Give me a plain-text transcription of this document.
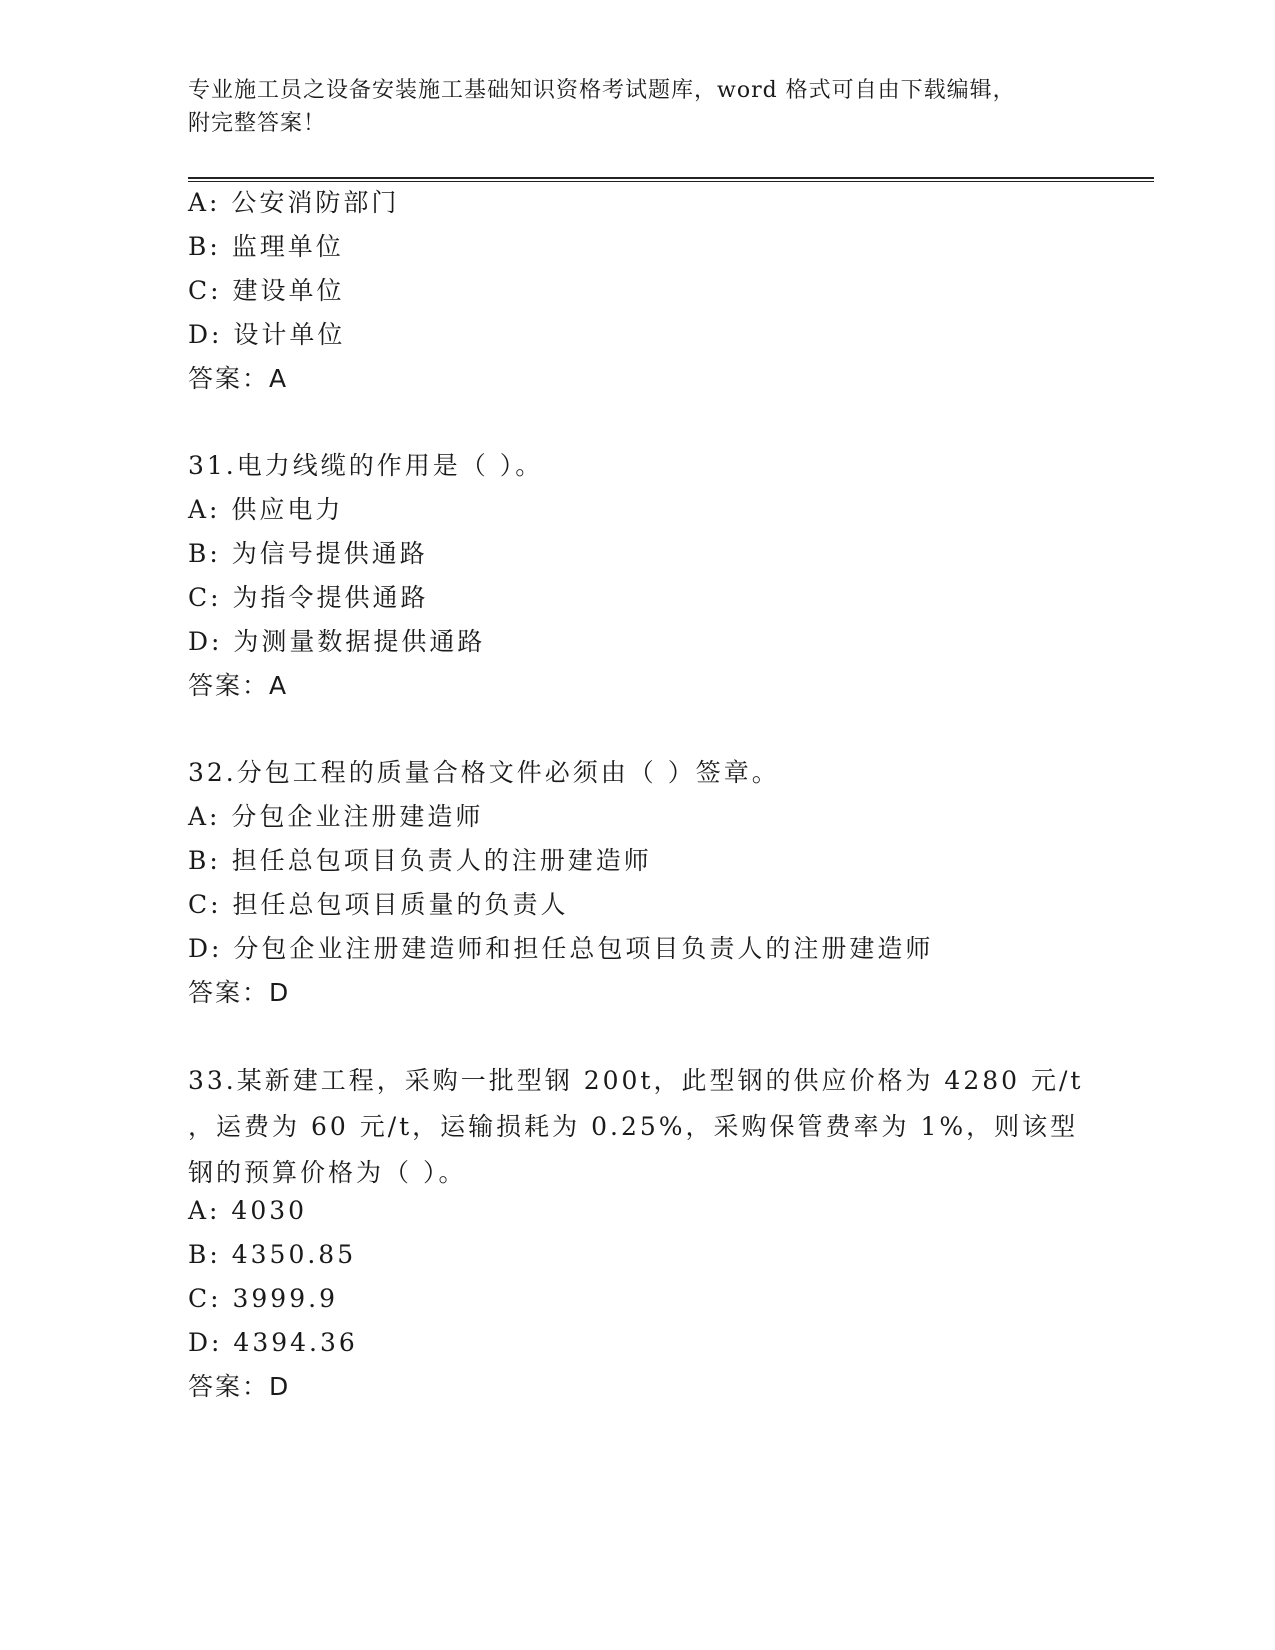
专业施工员之设备安装施工基础知识资格考试题库，word 格式可自由下载编辑，
附完整答案！
A: 公安消防部门
B: 监理单位
C: 建设单位
D: 设计单位
答案：A
31.电力线缆的作用是（ ）。
A: 供应电力
B: 为信号提供通路
C: 为指令提供通路
D: 为测量数据提供通路
答案：A
32.分包工程的质量合格文件必须由（ ）签章。
A: 分包企业注册建造师
B: 担任总包项目负责人的注册建造师
C: 担任总包项目质量的负责人
D: 分包企业注册建造师和担任总包项目负责人的注册建造师
答案：D
33.某新建工程，采购一批型钢 200t，此型钢的供应价格为 4280 元/t
，运费为 60 元/t，运输损耗为 0.25%，采购保管费率为 1%，则该型
钢的预算价格为（ ）。
A: 4030
B: 4350.85
C: 3999.9
D: 4394.36
答案：D
